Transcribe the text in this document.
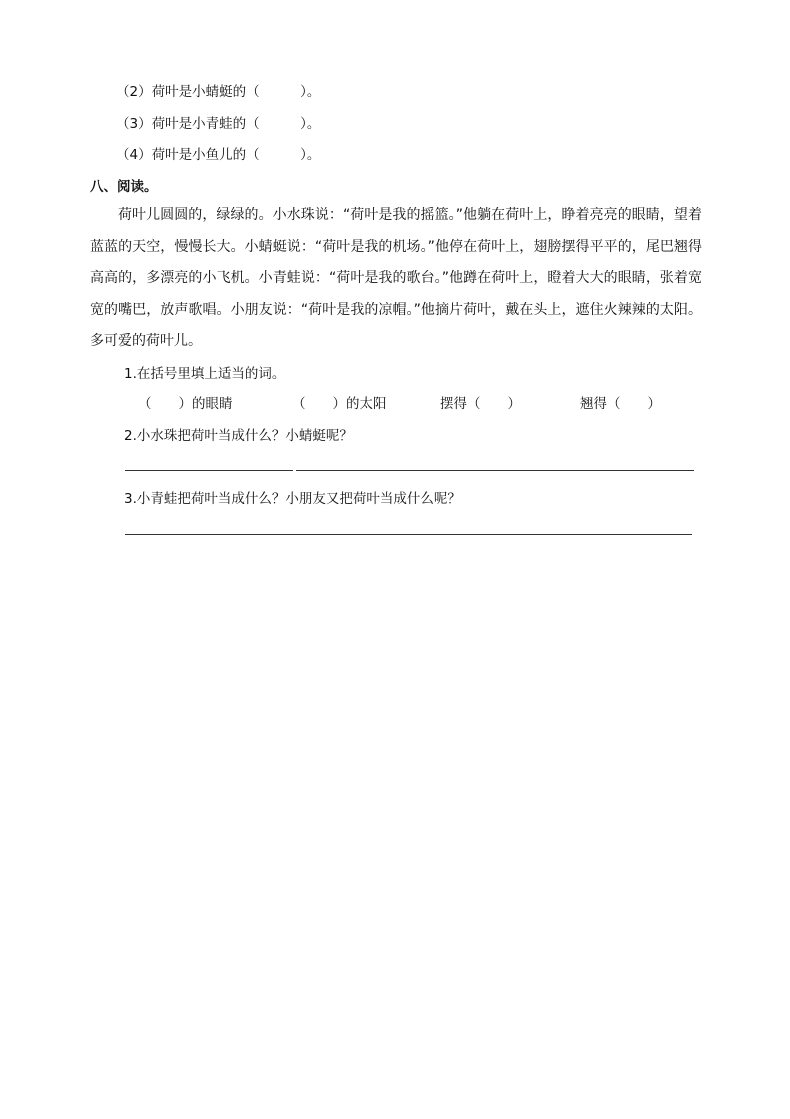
（2）荷叶是小蜻蜓的（　　　）。
（3）荷叶是小青蛙的（　　　）。
（4）荷叶是小鱼儿的（　　　）。
八、阅读。
荷叶儿圆圆的，绿绿的。小水珠说：“荷叶是我的摇篮。”他躺在荷叶上，睁着亮亮的眼睛，望着蓝蓝的天空，慢慢长大。小蜻蜓说：“荷叶是我的机场。”他停在荷叶上，翅膀摆得平平的，尾巴翘得高高的，多漂亮的小飞机。小青蛙说：“荷叶是我的歌台。”他蹲在荷叶上，瞪着大大的眼睛，张着宽宽的嘴巴，放声歌唱。小朋友说：“荷叶是我的凉帽。”他摘片荷叶，戴在头上，遮住火辣辣的太阳。多可爱的荷叶儿。
1.在括号里填上适当的词。
（　　）的眼睛	（　　）的太阳	摆得（　　）	翘得（　　）
2.小水珠把荷叶当成什么？小蜻蜓呢？
3.小青蛙把荷叶当成什么？小朋友又把荷叶当成什么呢？
